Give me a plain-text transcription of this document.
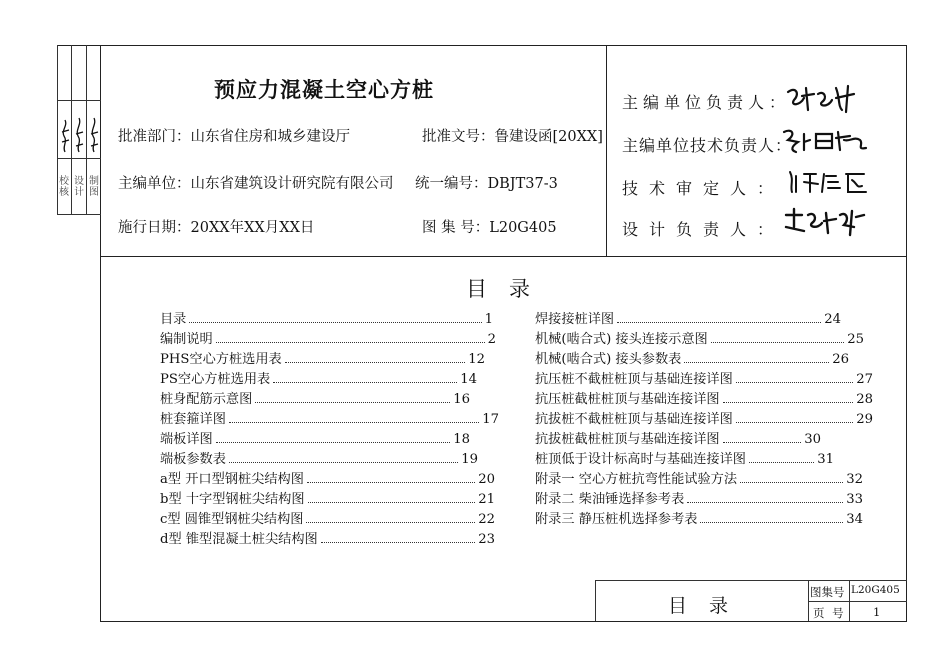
校核
设计
制图
预应力混凝土空心方桩
批准部门：山东省住房和城乡建设厅	批准文号：鲁建设函[20XX]
主编单位：山东省建筑设计研究院有限公司 统一编号：DBJT37-3
施行日期：20XX年XX月XX日	图 集 号：L20G405
主编单位负责人：
主编单位技术负责人：
技术审定人：
设计负责人：
目录
目录	1
编制说明	2
PHS空心方桩选用表	12
PS空心方桩选用表	14
桩身配筋示意图	16
桩套箍详图	17
端板详图	18
端板参数表	19
a型 开口型钢桩尖结构图	20
b型 十字型钢桩尖结构图	21
c型 圆锥型钢桩尖结构图	22
d型 锥型混凝土桩尖结构图	23
焊接接桩详图	24
机械(啮合式) 接头连接示意图	25
机械(啮合式) 接头参数表	26
抗压桩不截桩桩顶与基础连接详图	27
抗压桩截桩桩顶与基础连接详图	28
抗拔桩不截桩桩顶与基础连接详图	29
抗拔桩截桩桩顶与基础连接详图	30
桩顶低于设计标高时与基础连接详图	31
附录一 空心方桩抗弯性能试验方法	32
附录二 柴油锤选择参考表	33
附录三 静压桩机选择参考表	34
目录
图集号 L20G405
页 号 1
